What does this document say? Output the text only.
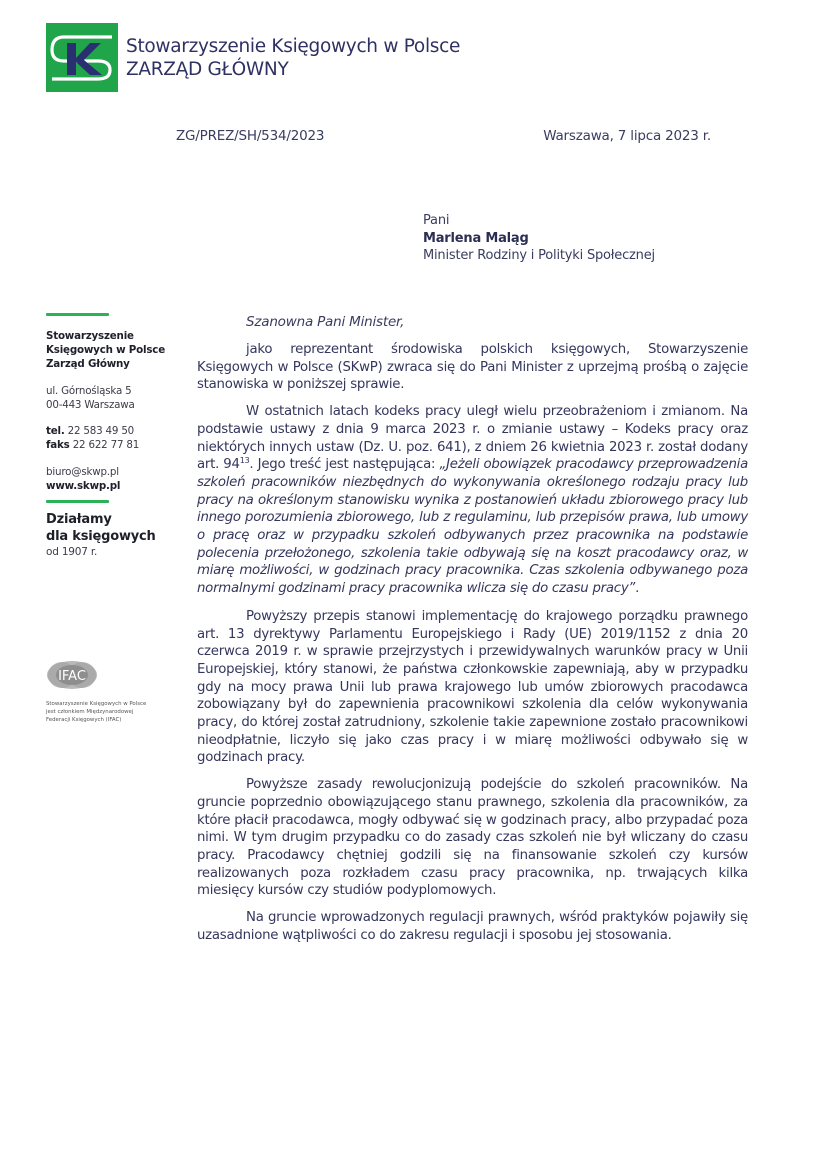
Stowarzyszenie Księgowych w Polsce
ZARZĄD GŁÓWNY
ZG/PREZ/SH/534/2023	Warszawa, 7 lipca 2023 r.
Pani
Marlena Maląg
Minister Rodziny i Polityki Społecznej
Stowarzyszenie
Księgowych w Polsce
Zarząd Główny
ul. Górnośląska 5
00-443 Warszawa
tel. 22 583 49 50
faks 22 622 77 81
biuro@skwp.pl
www.skwp.pl
Działamy
dla księgowych
od 1907 r.
IFAC
Stowarzyszenie Księgowych w Polsce
jest członkiem Międzynarodowej
Federacji Księgowych (IFAC)
Szanowna Pani Minister,

jako reprezentant środowiska polskich księgowych, Stowarzyszenie Księgowych w Polsce (SKwP) zwraca się do Pani Minister z uprzejmą prośbą o zajęcie stanowiska w poniższej sprawie.

W ostatnich latach kodeks pracy uległ wielu przeobrażeniom i zmianom. Na podstawie ustawy z dnia 9 marca 2023 r. o zmianie ustawy – Kodeks pracy oraz niektórych innych ustaw (Dz. U. poz. 641), z dniem 26 kwietnia 2023 r. został dodany art. $94^{13}$. Jego treść jest następująca: „Jeżeli obowiązek pracodawcy przeprowadzenia szkoleń pracowników niezbędnych do wykonywania określonego rodzaju pracy lub pracy na określonym stanowisku wynika z postanowień układu zbiorowego pracy lub innego porozumienia zbiorowego, lub z regulaminu, lub przepisów prawa, lub umowy o pracę oraz w przypadku szkoleń odbywanych przez pracownika na podstawie polecenia przełożonego, szkolenia takie odbywają się na koszt pracodawcy oraz, w miarę możliwości, w godzinach pracy pracownika. Czas szkolenia odbywanego poza normalnymi godzinami pracy pracownika wlicza się do czasu pracy”.

Powyższy przepis stanowi implementację do krajowego porządku prawnego art. 13 dyrektywy Parlamentu Europejskiego i Rady (UE) 2019/1152 z dnia 20 czerwca 2019 r. w sprawie przejrzystych i przewidywalnych warunków pracy w Unii Europejskiej, który stanowi, że państwa członkowskie zapewniają, aby w przypadku gdy na mocy prawa Unii lub prawa krajowego lub umów zbiorowych pracodawca zobowiązany był do zapewnienia pracownikowi szkolenia dla celów wykonywania pracy, do której został zatrudniony, szkolenie takie zapewnione zostało pracownikowi nieodpłatnie, liczyło się jako czas pracy i w miarę możliwości odbywało się w godzinach pracy.

Powyższe zasady rewolucjonizują podejście do szkoleń pracowników. Na gruncie poprzednio obowiązującego stanu prawnego, szkolenia dla pracowników, za które płacił pracodawca, mogły odbywać się w godzinach pracy, albo przypadać poza nimi. W tym drugim przypadku co do zasady czas szkoleń nie był wliczany do czasu pracy. Pracodawcy chętniej godzili się na finansowanie szkoleń czy kursów realizowanych poza rozkładem czasu pracy pracownika, np. trwających kilka miesięcy kursów czy studiów podyplomowych.

Na gruncie wprowadzonych regulacji prawnych, wśród praktyków pojawiły się uzasadnione wątpliwości co do zakresu regulacji i sposobu jej stosowania.
